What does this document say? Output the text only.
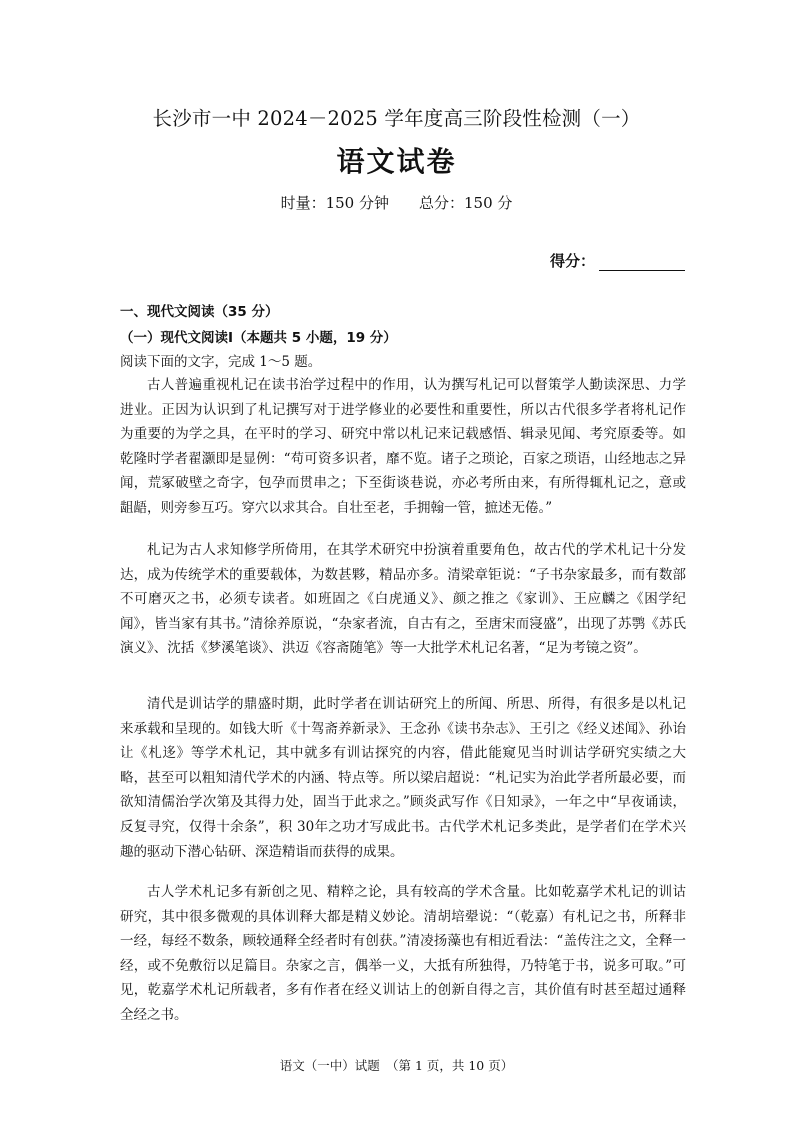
长沙市一中 2024－2025 学年度高三阶段性检测（一）
语文试卷
时量：150 分钟 总分：150 分
得分：
一、现代文阅读（35 分）
（一）现代文阅读Ⅰ（本题共 5 小题，19 分）
阅读下面的文字，完成 1～5 题。

古人普遍重视札记在读书治学过程中的作用，认为撰写札记可以督策学人勤读深思、力学进业。正因为认识到了札记撰写对于进学修业的必要性和重要性，所以古代很多学者将札记作为重要的为学之具，在平时的学习、研究中常以札记来记载感悟、辑录见闻、考究原委等。如乾隆时学者翟灏即是显例：“苟可资多识者，靡不览。诸子之琐论，百家之琐语，山经地志之异闻，荒冢破壁之奇字，包孕而贯串之；下至街谈巷说，亦必考所由来，有所得辄札记之，意或龃龉，则旁参互巧。穿穴以求其合。自壮至老，手拥翰一管，摭述无倦。”

札记为古人求知修学所倚用，在其学术研究中扮演着重要角色，故古代的学术札记十分发达，成为传统学术的重要载体，为数甚夥，精品亦多。清梁章钜说：“子书杂家最多，而有数部不可磨灭之书，必须专读者。如班固之《白虎通义》、颜之推之《家训》、王应麟之《困学纪闻》，皆当家有其书。”清徐养原说，“杂家者流，自古有之，至唐宋而寖盛”，出现了苏鹗《苏氏演义》、沈括《梦溪笔谈》、洪迈《容斋随笔》等一大批学术札记名著，“足为考镜之资”。

清代是训诂学的鼎盛时期，此时学者在训诂研究上的所闻、所思、所得，有很多是以札记来承载和呈现的。如钱大昕《十驾斋养新录》、王念孙《读书杂志》、王引之《经义述闻》、孙诒让《札迻》等学术札记，其中就多有训诂探究的内容，借此能窥见当时训诂学研究实绩之大略，甚至可以粗知清代学术的内涵、特点等。所以梁启超说：“札记实为治此学者所最必要，而欲知清儒治学次第及其得力处，固当于此求之。”顾炎武写作《日知录》，一年之中“早夜诵读，反复寻究，仅得十余条”，积 30年之功才写成此书。古代学术札记多类此，是学者们在学术兴趣的驱动下潜心钻研、深造精诣而获得的成果。

古人学术札记多有新创之见、精粹之论，具有较高的学术含量。比如乾嘉学术札记的训诂研究，其中很多微观的具体训释大都是精义妙论。清胡培翚说：“（乾嘉）有札记之书，所释非一经，每经不数条，顾较通释全经者时有创获。”清凌扬藻也有相近看法：“盖传注之文，全释一经，或不免敷衍以足篇目。杂家之言，偶举一义，大抵有所独得，乃特笔于书，说多可取。”可见，乾嘉学术札记所载者，多有作者在经义训诂上的创新自得之言，其价值有时甚至超过通释全经之书。

语文（一中）试题　（第 1 页，共 10 页）
